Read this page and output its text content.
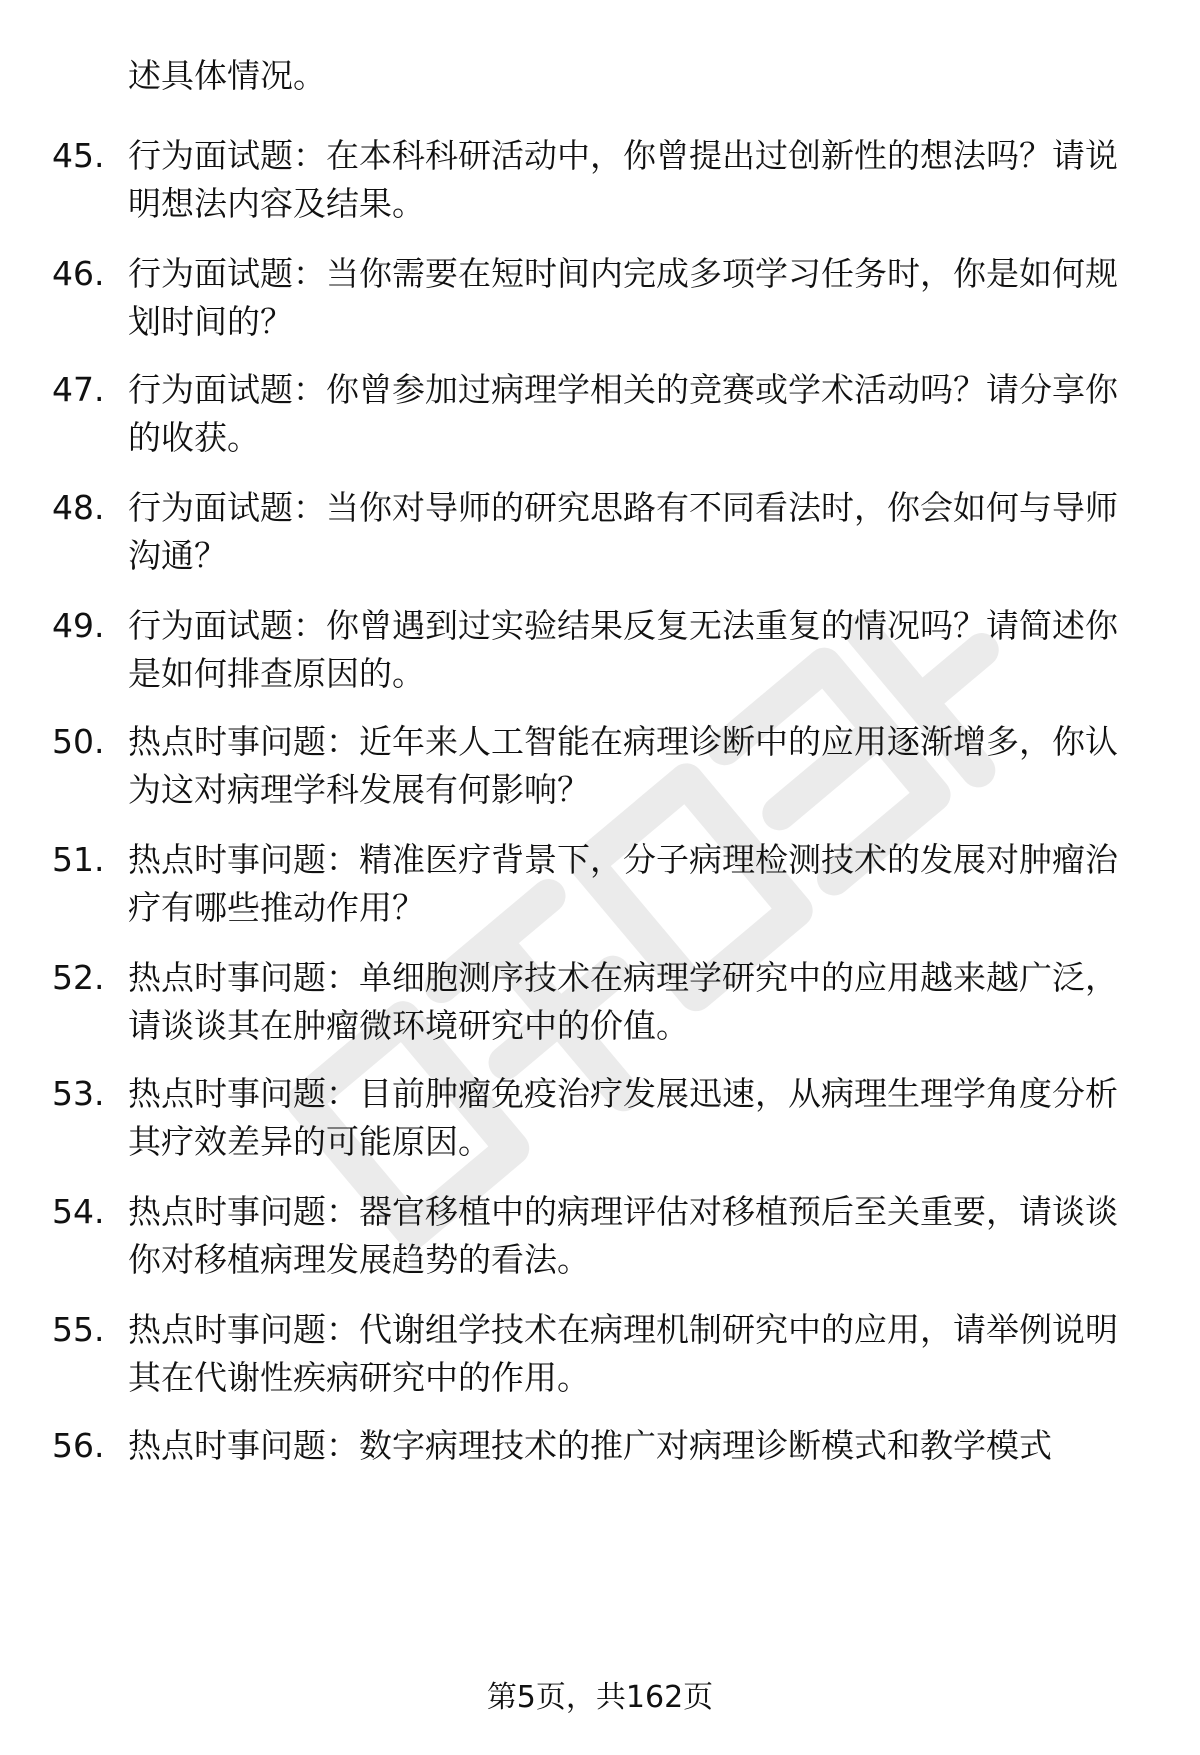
述具体情况。

45. 行为面试题：在本科科研活动中，你曾提出过创新性的想法吗？请说明想法内容及结果。
46. 行为面试题：当你需要在短时间内完成多项学习任务时，你是如何规划时间的？
47. 行为面试题：你曾参加过病理学相关的竞赛或学术活动吗？请分享你的收获。
48. 行为面试题：当你对导师的研究思路有不同看法时，你会如何与导师沟通？
49. 行为面试题：你曾遇到过实验结果反复无法重复的情况吗？请简述你是如何排查原因的。
50. 热点时事问题：近年来人工智能在病理诊断中的应用逐渐增多，你认为这对病理学科发展有何影响？
51. 热点时事问题：精准医疗背景下，分子病理检测技术的发展对肿瘤治疗有哪些推动作用？
52. 热点时事问题：单细胞测序技术在病理学研究中的应用越来越广泛，请谈谈其在肿瘤微环境研究中的价值。
53. 热点时事问题：目前肿瘤免疫治疗发展迅速，从病理生理学角度分析其疗效差异的可能原因。
54. 热点时事问题：器官移植中的病理评估对移植预后至关重要，请谈谈你对移植病理发展趋势的看法。
55. 热点时事问题：代谢组学技术在病理机制研究中的应用，请举例说明其在代谢性疾病研究中的作用。
56. 热点时事问题：数字病理技术的推广对病理诊断模式和教学模式
第5页，共162页
